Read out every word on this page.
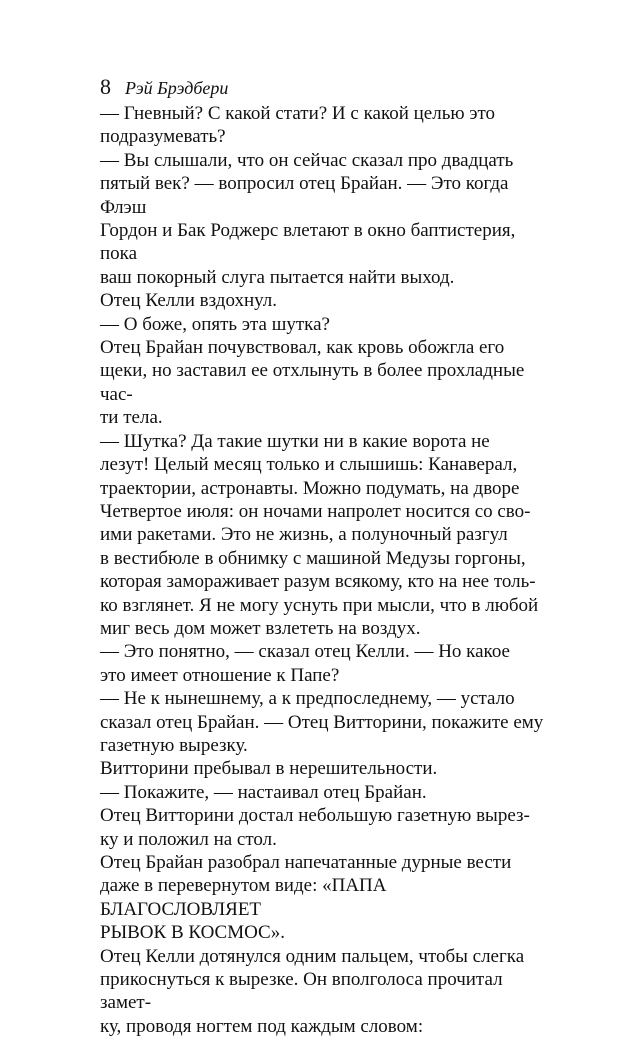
8 Рэй Брэдбери

— Гневный? С какой стати? И с какой целью это
подразумевать?

— Вы слышали, что он сейчас сказал про двадцать
пятый век? — вопросил отец Брайан. — Это когда Флэш
Гордон и Бак Роджерс влетают в окно баптистерия, пока
ваш покорный слуга пытается найти выход.

Отец Келли вздохнул.

— О боже, опять эта шутка?

Отец Брайан почувствовал, как кровь обожгла его
щеки, но заставил ее отхлынуть в более прохладные час-
ти тела.

— Шутка? Да такие шутки ни в какие ворота не
лезут! Целый месяц только и слышишь: Канаверал,
траектории, астронавты. Можно подумать, на дворе
Четвертое июля: он ночами напролет носится со сво-
ими ракетами. Это не жизнь, а полуночный разгул
в вестибюле в обнимку с машиной Медузы горгоны,
которая замораживает разум всякому, кто на нее толь-
ко взглянет. Я не могу уснуть при мысли, что в любой
миг весь дом может взлететь на воздух.

— Это понятно, — сказал отец Келли. — Но какое
это имеет отношение к Папе?

— Не к нынешнему, а к предпоследнему, — устало
сказал отец Брайан. — Отец Витторини, покажите ему
газетную вырезку.

Витторини пребывал в нерешительности.

— Покажите, — настаивал отец Брайан.

Отец Витторини достал небольшую газетную вырез-
ку и положил на стол.

Отец Брайан разобрал напечатанные дурные вести
даже в перевернутом виде: «ПАПА БЛАГОСЛОВЛЯЕТ
РЫВОК В КОСМОС».

Отец Келли дотянулся одним пальцем, чтобы слегка
прикоснуться к вырезке. Он вполголоса прочитал замет-
ку, проводя ногтем под каждым словом:
